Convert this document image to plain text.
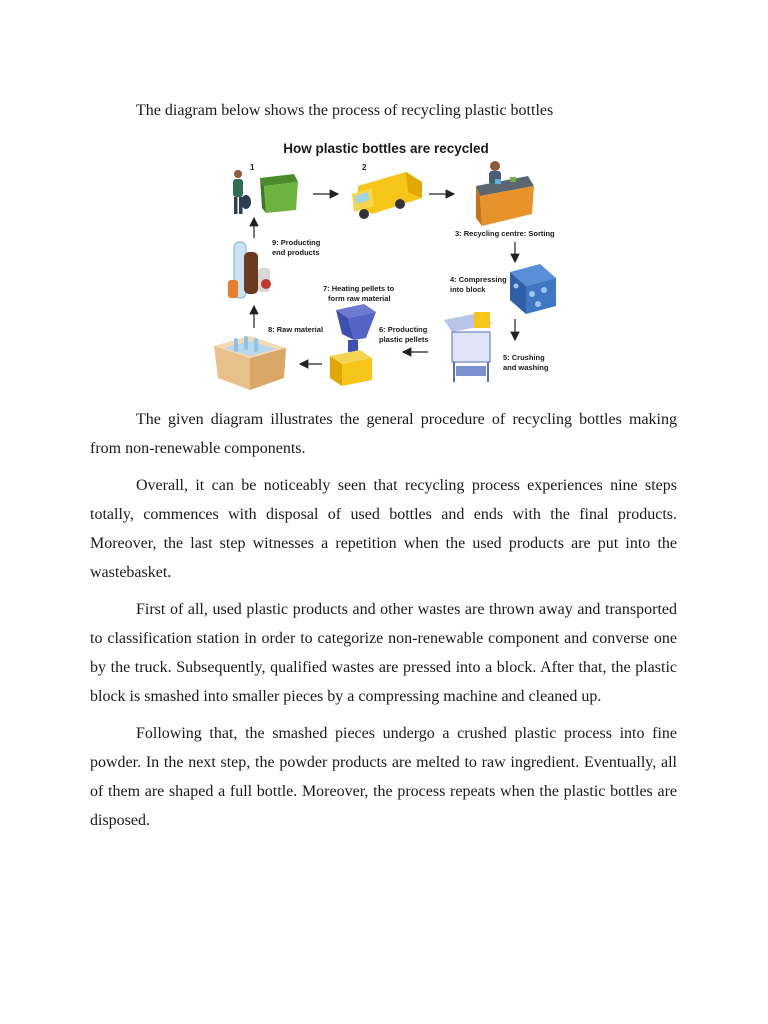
The diagram below shows the process of recycling plastic bottles

How plastic bottles are recycled
1	2
3: Recycling centre: Sorting
4: Compressing
into block
5: Crushing
and washing
6: Producting
plastic pellets
7: Heating pellets to
form raw material
8: Raw material
9: Producting
end products

The given diagram illustrates the general procedure of recycling bottles making from non-renewable components.

Overall, it can be noticeably seen that recycling process experiences nine steps totally, commences with disposal of used bottles and ends with the final products. Moreover, the last step witnesses a repetition when the used products are put into the wastebasket.

First of all, used plastic products and other wastes are thrown away and transported to classification station in order to categorize non-renewable component and converse one by the truck. Subsequently, qualified wastes are pressed into a block. After that, the plastic block is smashed into smaller pieces by a compressing machine and cleaned up.

Following that, the smashed pieces undergo a crushed plastic process into fine powder. In the next step, the powder products are melted to raw ingredient. Eventually, all of them are shaped a full bottle. Moreover, the process repeats when the plastic bottles are disposed.
